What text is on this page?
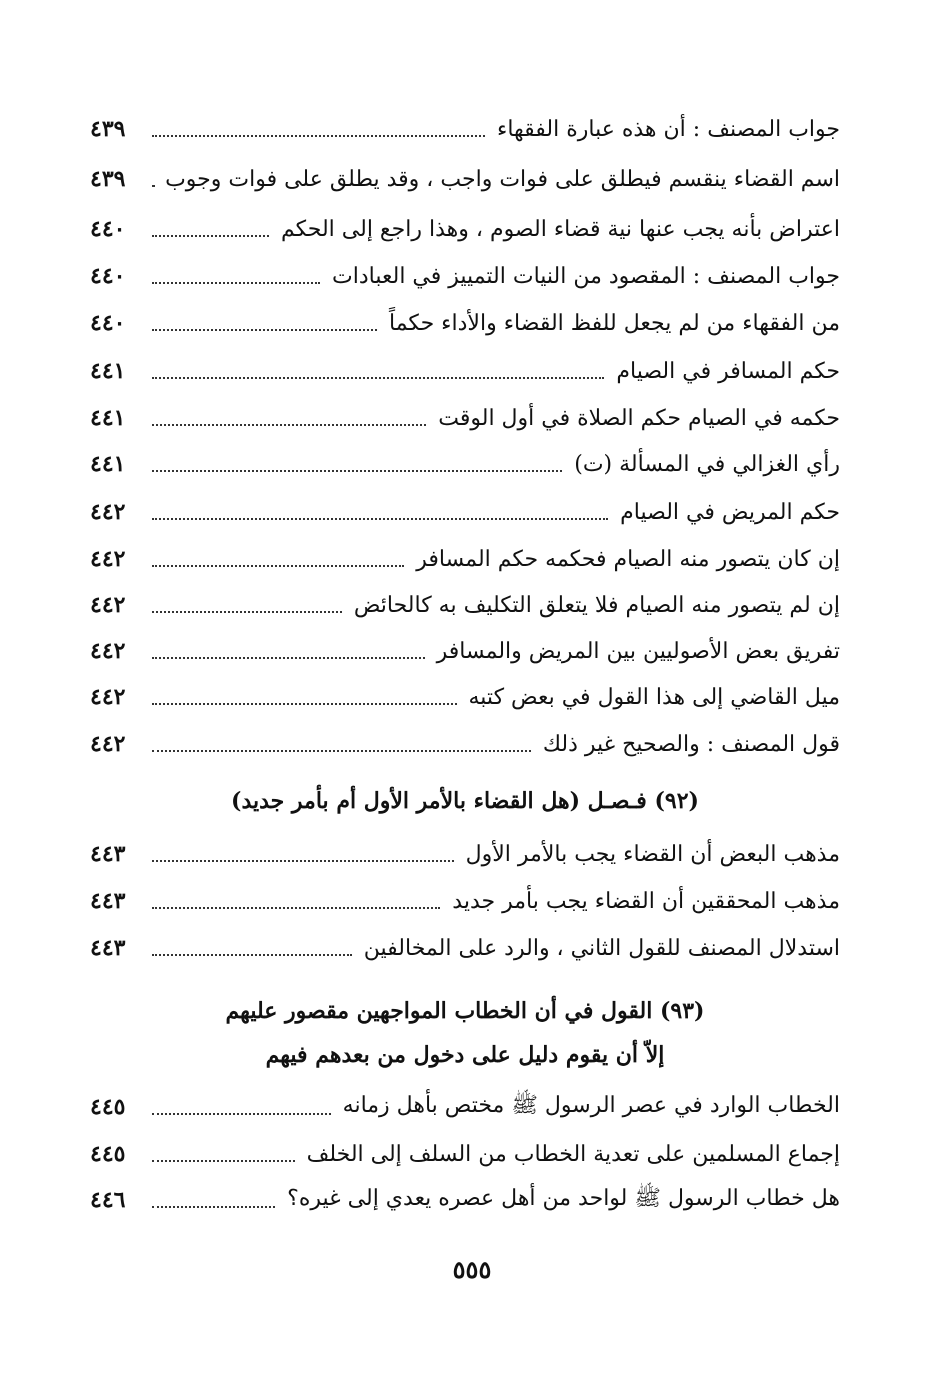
جواب المصنف : أن هذه عبارة الفقهاء
٤٣٩
اسم القضاء ينقسم فيطلق على فوات واجب ، وقد يطلق على فوات وجوب
٤٣٩
اعتراض بأنه يجب عنها نية قضاء الصوم ، وهذا راجع إلى الحكم
٤٤٠
جواب المصنف : المقصود من النيات التمييز في العبادات
٤٤٠
من الفقهاء من لم يجعل للفظ القضاء والأداء حكماً
٤٤٠
حكم المسافر في الصيام
٤٤١
حكمه في الصيام حكم الصلاة في أول الوقت
٤٤١
رأي الغزالي في المسألة (ت)
٤٤١
حكم المريض في الصيام
٤٤٢
إن كان يتصور منه الصيام فحكمه حكم المسافر
٤٤٢
إن لم يتصور منه الصيام فلا يتعلق التكليف به كالحائض
٤٤٢
تفريق بعض الأصوليين بين المريض والمسافر
٤٤٢
ميل القاضي إلى هذا القول في بعض كتبه
٤٤٢
قول المصنف : والصحيح غير ذلك
٤٤٢
(٩٢) فـصـل (هل القضاء بالأمر الأول أم بأمر جديد)
مذهب البعض أن القضاء يجب بالأمر الأول
٤٤٣
مذهب المحققين أن القضاء يجب بأمر جديد
٤٤٣
استدلال المصنف للقول الثاني ، والرد على المخالفين
٤٤٣
(٩٣) القول في أن الخطاب المواجهين مقصور عليهم
إلاّ أن يقوم دليل على دخول من بعدهم فيهم
الخطاب الوارد في عصر الرسول ﷺ مختص بأهل زمانه
٤٤٥
إجماع المسلمين على تعدية الخطاب من السلف إلى الخلف
٤٤٥
هل خطاب الرسول ﷺ لواحد من أهل عصره يعدي إلى غيره؟
٤٤٦
٥٥٥
